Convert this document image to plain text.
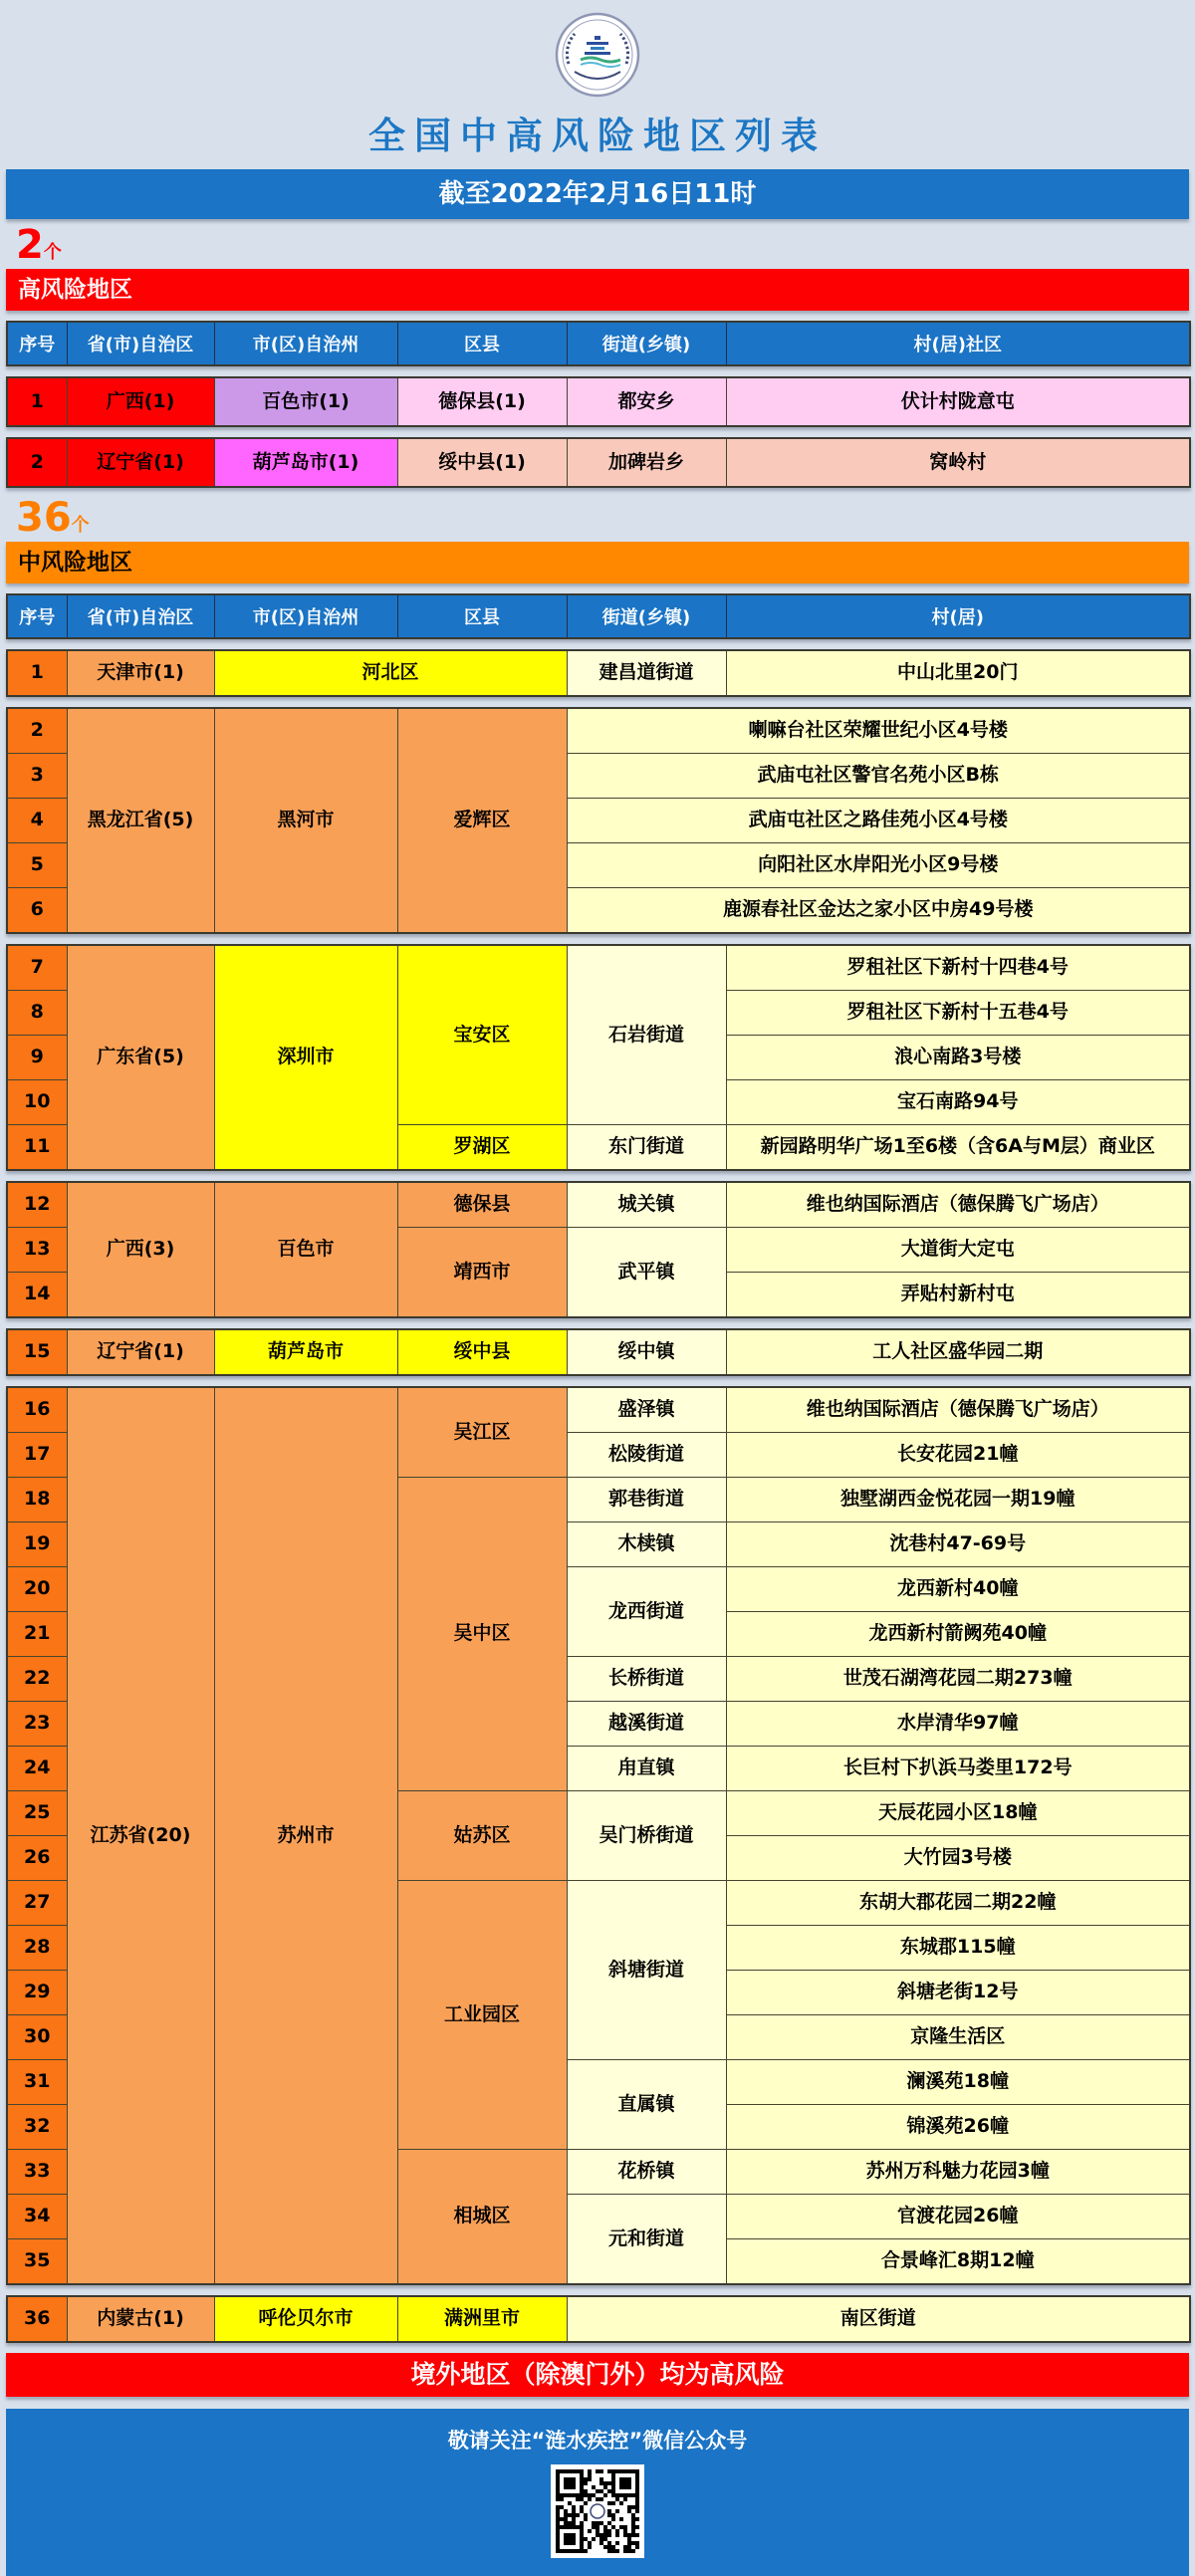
全国中高风险地区列表
截至2022年2月16日11时
2个
高风险地区
序号	省(市)自治区	市(区)自治州	区县	街道(乡镇)	村(居)社区
1	广西(1)	百色市(1)	德保县(1)	都安乡	伏计村陇意屯
2	辽宁省(1)	葫芦岛市(1)	绥中县(1)	加碑岩乡	窝岭村
36个
中风险地区
序号	省(市)自治区	市(区)自治州	区县	街道(乡镇)	村(居)
1	天津市(1)	河北区	建昌道街道	中山北里20门
2	黑龙江省(5)	黑河市	爱辉区	喇嘛台社区荣耀世纪小区4号楼
3				武庙屯社区警官名苑小区B栋
4				武庙屯社区之路佳苑小区4号楼
5				向阳社区水岸阳光小区9号楼
6				鹿源春社区金达之家小区中房49号楼
7	广东省(5)	深圳市	宝安区	石岩街道	罗租社区下新村十四巷4号
8					罗租社区下新村十五巷4号
9					浪心南路3号楼
10					宝石南路94号
11			罗湖区	东门街道	新园路明华广场1至6楼（含6A与M层）商业区
12	广西(3)	百色市	德保县	城关镇	维也纳国际酒店（德保腾飞广场店）
13			靖西市	武平镇	大道街大定屯
14					弄贴村新村屯
15	辽宁省(1)	葫芦岛市	绥中县	绥中镇	工人社区盛华园二期
16	江苏省(20)	苏州市	吴江区	盛泽镇	维也纳国际酒店（德保腾飞广场店）
17				松陵街道	长安花园21幢
18			吴中区	郭巷街道	独墅湖西金悦花园一期19幢
19				木椟镇	沈巷村47-69号
20				龙西街道	龙西新村40幢
21					龙西新村箭阙苑40幢
22				长桥街道	世茂石湖湾花园二期273幢
23				越溪街道	水岸清华97幢
24				甪直镇	长巨村下扒浜马娄里172号
25			姑苏区	吴门桥街道	天辰花园小区18幢
26					大竹园3号楼
27			工业园区	斜塘街道	东胡大郡花园二期22幢
28					东城郡115幢
29					斜塘老街12号
30					京隆生活区
31				直属镇	澜溪苑18幢
32					锦溪苑26幢
33			相城区	花桥镇	苏州万科魅力花园3幢
34				元和街道	官渡花园26幢
35					合景峰汇8期12幢
36	内蒙古(1)	呼伦贝尔市	满洲里市	南区街道
境外地区（除澳门外）均为高风险
敬请关注“涟水疾控”微信公众号
